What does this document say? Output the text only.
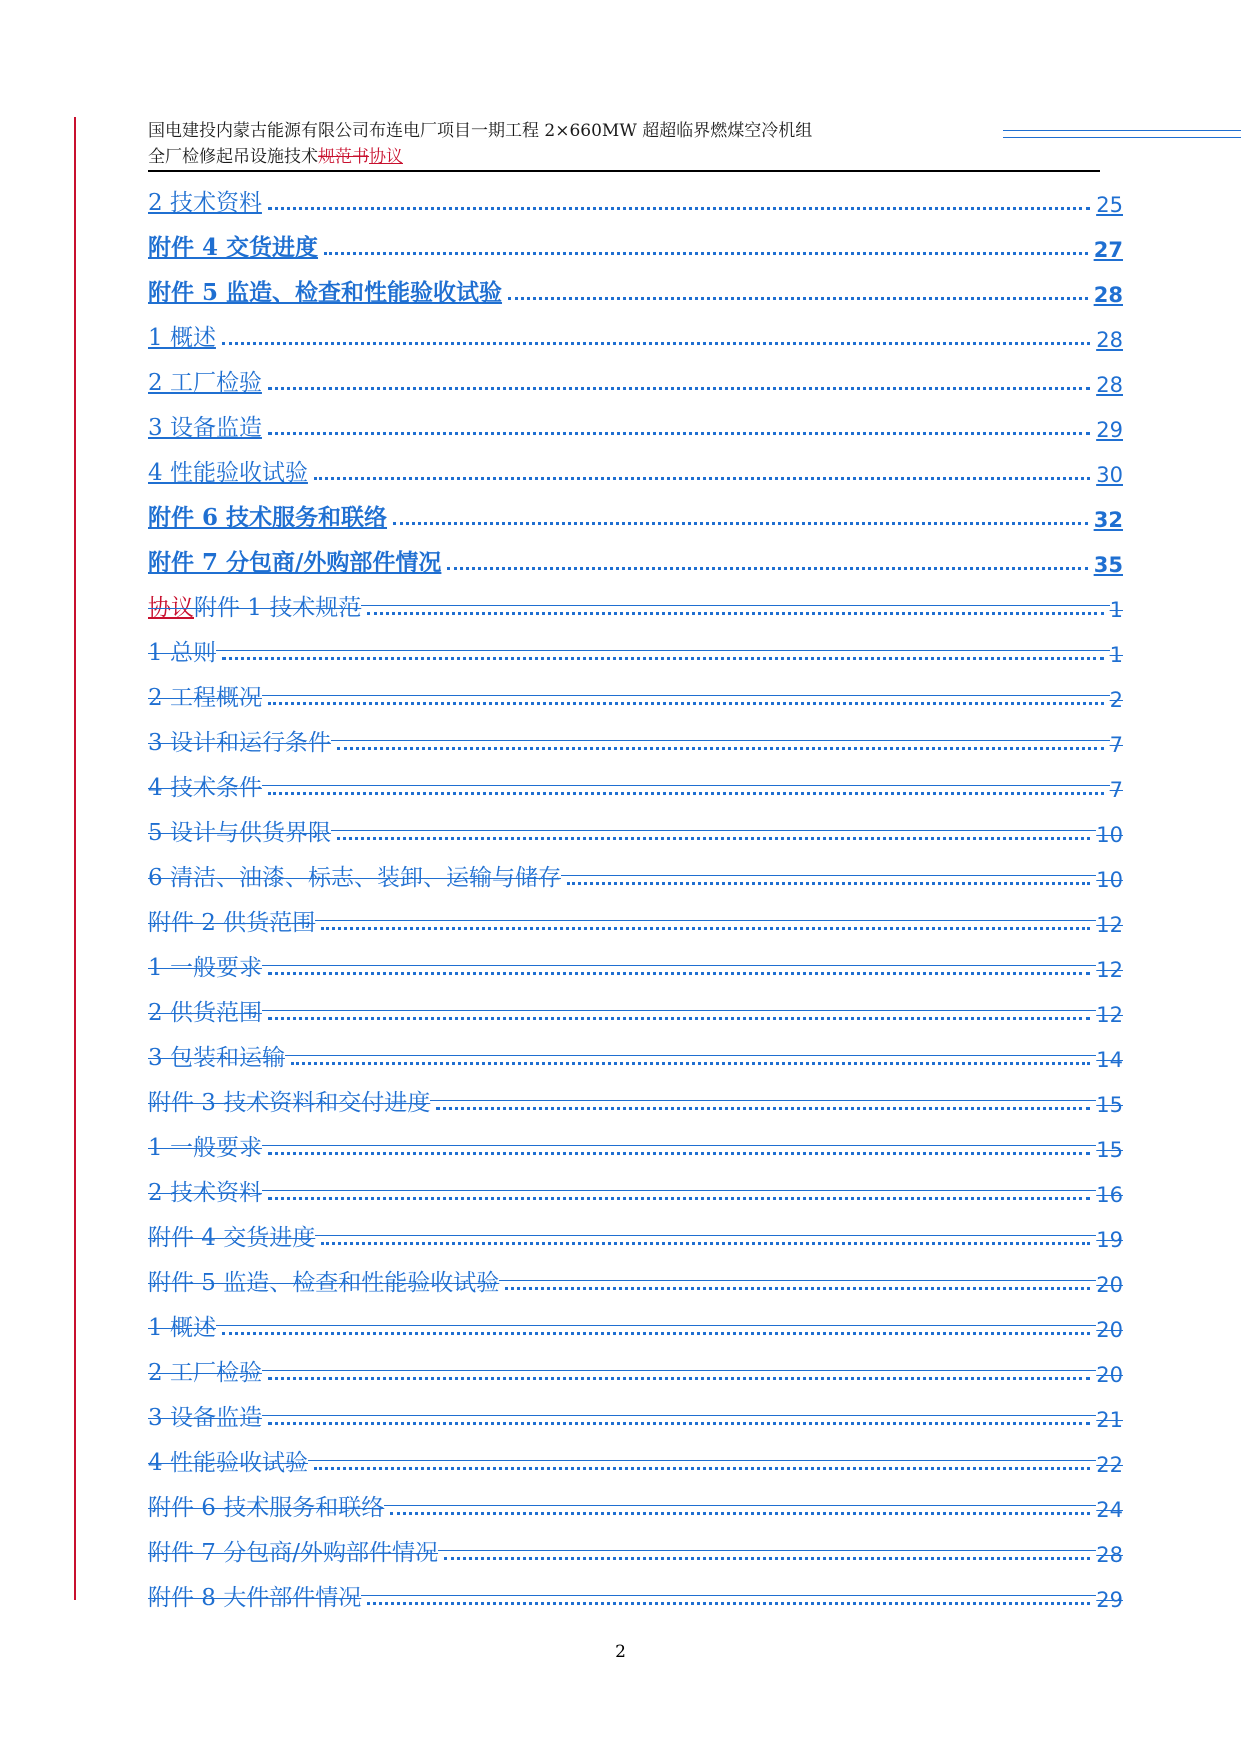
国电建投内蒙古能源有限公司布连电厂项目一期工程 2×660MW 超超临界燃煤空冷机组
全厂检修起吊设施技术规范书协议
2 技术资料	25
附件 4 交货进度	27
附件 5 监造、检查和性能验收试验	28
1 概述	28
2 工厂检验	28
3 设备监造	29
4 性能验收试验	30
附件 6 技术服务和联络	32
附件 7 分包商/外购部件情况	35
协议附件 1 技术规范	1
1 总则	1
2 工程概况	2
3 设计和运行条件	7
4 技术条件	7
5 设计与供货界限	10
6 清洁、油漆、标志、装卸、运输与储存	10
附件 2 供货范围	12
1 一般要求	12
2 供货范围	12
3 包装和运输	14
附件 3 技术资料和交付进度	15
1 一般要求	15
2 技术资料	16
附件 4 交货进度	19
附件 5 监造、检查和性能验收试验	20
1 概述	20
2 工厂检验	20
3 设备监造	21
4 性能验收试验	22
附件 6 技术服务和联络	24
附件 7 分包商/外购部件情况	28
附件 8 大件部件情况	29
2
